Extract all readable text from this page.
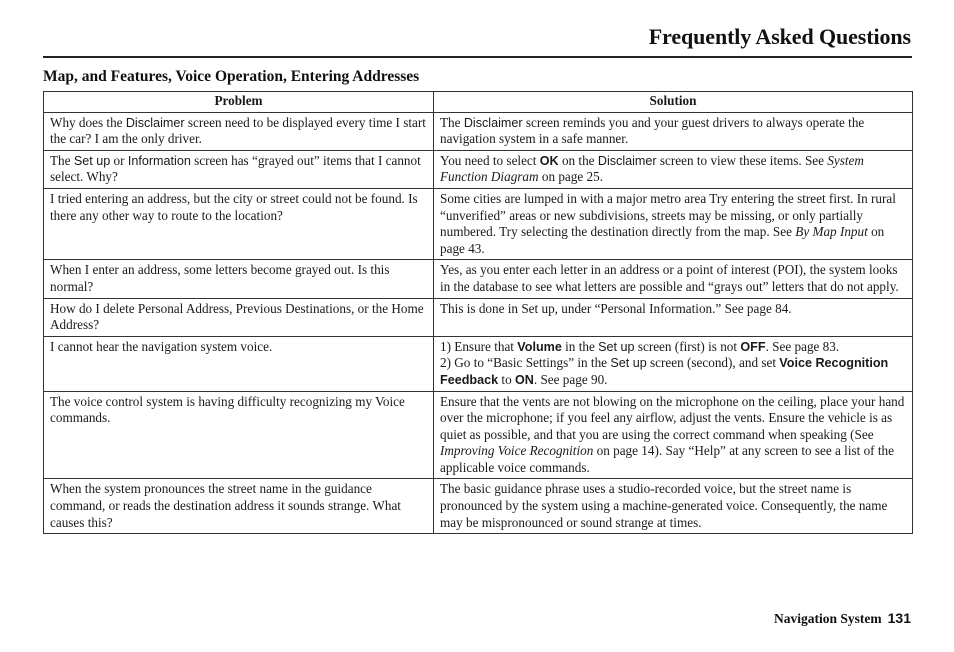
Frequently Asked Questions
Map, and Features, Voice Operation, Entering Addresses
Problem	Solution
Why does the Disclaimer screen need to be displayed every time I start the car? I am the only driver.	The Disclaimer screen reminds you and your guest drivers to always operate the navigation system in a safe manner.
The Set up or Information screen has “grayed out” items that I cannot select. Why?	You need to select OK on the Disclaimer screen to view these items. See System Function Diagram on page 25.
I tried entering an address, but the city or street could not be found. Is there any other way to route to the location?	Some cities are lumped in with a major metro area Try entering the street first. In rural “unverified” areas or new subdivisions, streets may be missing, or only partially numbered. Try selecting the destination directly from the map. See By Map Input on page 43.
When I enter an address, some letters become grayed out. Is this normal?	Yes, as you enter each letter in an address or a point of interest (POI), the system looks in the database to see what letters are possible and “grays out” letters that do not apply.
How do I delete Personal Address, Previous Destinations, or the Home Address?	This is done in Set up, under “Personal Information.” See page 84.
I cannot hear the navigation system voice.	1) Ensure that Volume in the Set up screen (first) is not OFF. See page 83.
2) Go to “Basic Settings” in the Set up screen (second), and set Voice Recognition Feedback to ON. See page 90.
The voice control system is having difficulty recognizing my Voice commands.	Ensure that the vents are not blowing on the microphone on the ceiling, place your hand over the microphone; if you feel any airflow, adjust the vents. Ensure the vehicle is as quiet as possible, and that you are using the correct command when speaking (See Improving Voice Recognition on page 14). Say “Help” at any screen to see a list of the applicable voice commands.
When the system pronounces the street name in the guidance command, or reads the destination address it sounds strange. What causes this?	The basic guidance phrase uses a studio-recorded voice, but the street name is pronounced by the system using a machine-generated voice. Consequently, the name may be mispronounced or sound strange at times.
Navigation System 131
